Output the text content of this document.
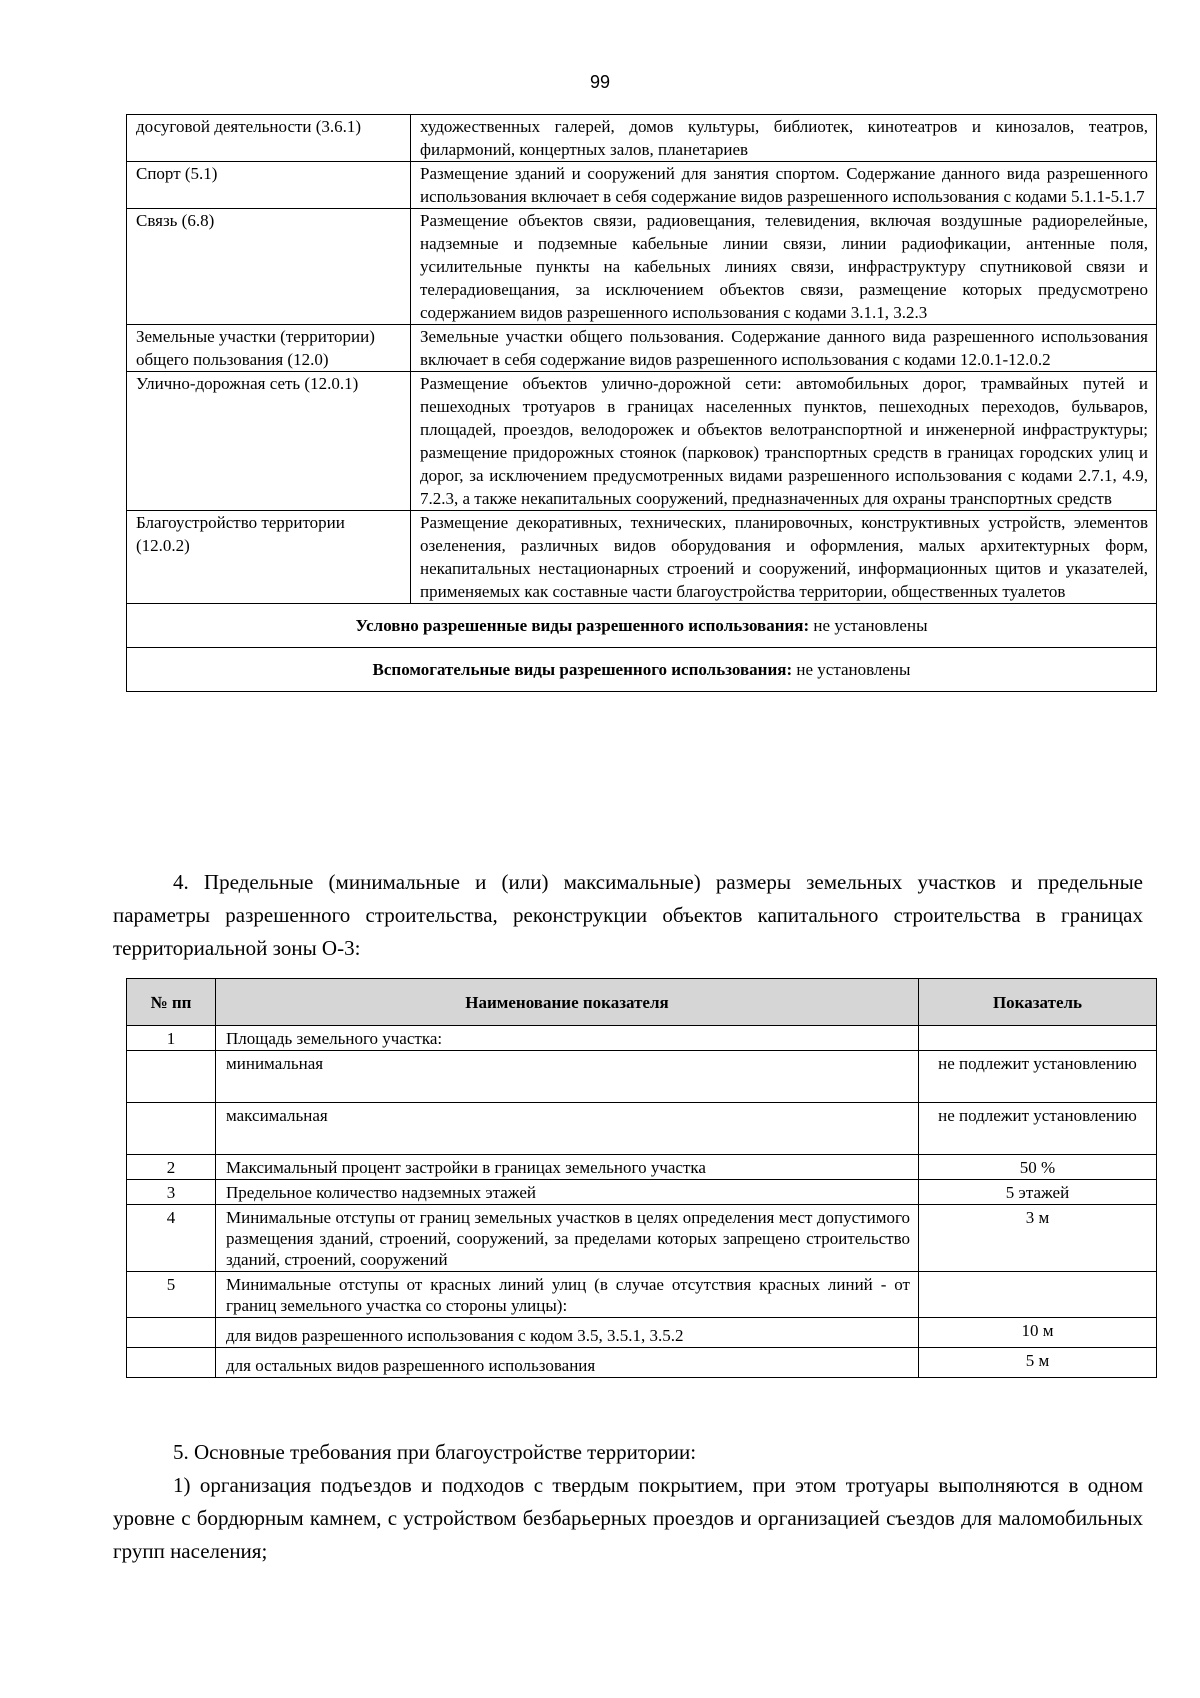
99
досуговой деятельности (3.6.1)	художественных галерей, домов культуры, библиотек, кинотеатров и кинозалов, театров, филармоний, концертных залов, планетариев
Спорт (5.1)	Размещение зданий и сооружений для занятия спортом. Содержание данного вида разрешенного использования включает в себя содержание видов разрешенного использования с кодами 5.1.1-5.1.7
Связь (6.8)	Размещение объектов связи, радиовещания, телевидения, включая воздушные радиорелейные, надземные и подземные кабельные линии связи, линии радиофикации, антенные поля, усилительные пункты на кабельных линиях связи, инфраструктуру спутниковой связи и телерадиовещания, за исключением объектов связи, размещение которых предусмотрено содержанием видов разрешенного использования с кодами 3.1.1, 3.2.3
Земельные участки (территории) общего пользования (12.0)	Земельные участки общего пользования. Содержание данного вида разрешенного использования включает в себя содержание видов разрешенного использования с кодами 12.0.1-12.0.2
Улично-дорожная сеть (12.0.1)	Размещение объектов улично-дорожной сети: автомобильных дорог, трамвайных путей и пешеходных тротуаров в границах населенных пунктов, пешеходных переходов, бульваров, площадей, проездов, велодорожек и объектов велотранспортной и инженерной инфраструктуры; размещение придорожных стоянок (парковок) транспортных средств в границах городских улиц и дорог, за исключением предусмотренных видами разрешенного использования с кодами 2.7.1, 4.9, 7.2.3, а также некапитальных сооружений, предназначенных для охраны транспортных средств
Благоустройство территории (12.0.2)	Размещение декоративных, технических, планировочных, конструктивных устройств, элементов озеленения, различных видов оборудования и оформления, малых архитектурных форм, некапитальных нестационарных строений и сооружений, информационных щитов и указателей, применяемых как составные части благоустройства территории, общественных туалетов
Условно разрешенные виды разрешенного использования: не установлены	
Вспомогательные виды разрешенного использования: не установлены	
4. Предельные (минимальные и (или) максимальные) размеры земельных участков и предельные параметры разрешенного строительства, реконструкции объектов капитального строительства в границах территориальной зоны О-3:
№ пп	Наименование показателя	Показатель
1	Площадь земельного участка:	
	минимальная	не подлежит установлению
	максимальная	не подлежит установлению
2	Максимальный процент застройки в границах земельного участка	50 %
3	Предельное количество надземных этажей	5 этажей
4	Минимальные отступы от границ земельных участков в целях определения мест допустимого размещения зданий, строений, сооружений, за пределами которых запрещено строительство зданий, строений, сооружений	3 м
5	Минимальные отступы от красных линий улиц (в случае отсутствия красных линий - от границ земельного участка со стороны улицы):	
	для видов разрешенного использования с кодом 3.5, 3.5.1, 3.5.2	10 м
	для остальных видов разрешенного использования	5 м
5. Основные требования при благоустройстве территории:
1) организация подъездов и подходов с твердым покрытием, при этом тротуары выполняются в одном уровне с бордюрным камнем, с устройством безбарьерных проездов и организацией съездов для маломобильных групп населения;
